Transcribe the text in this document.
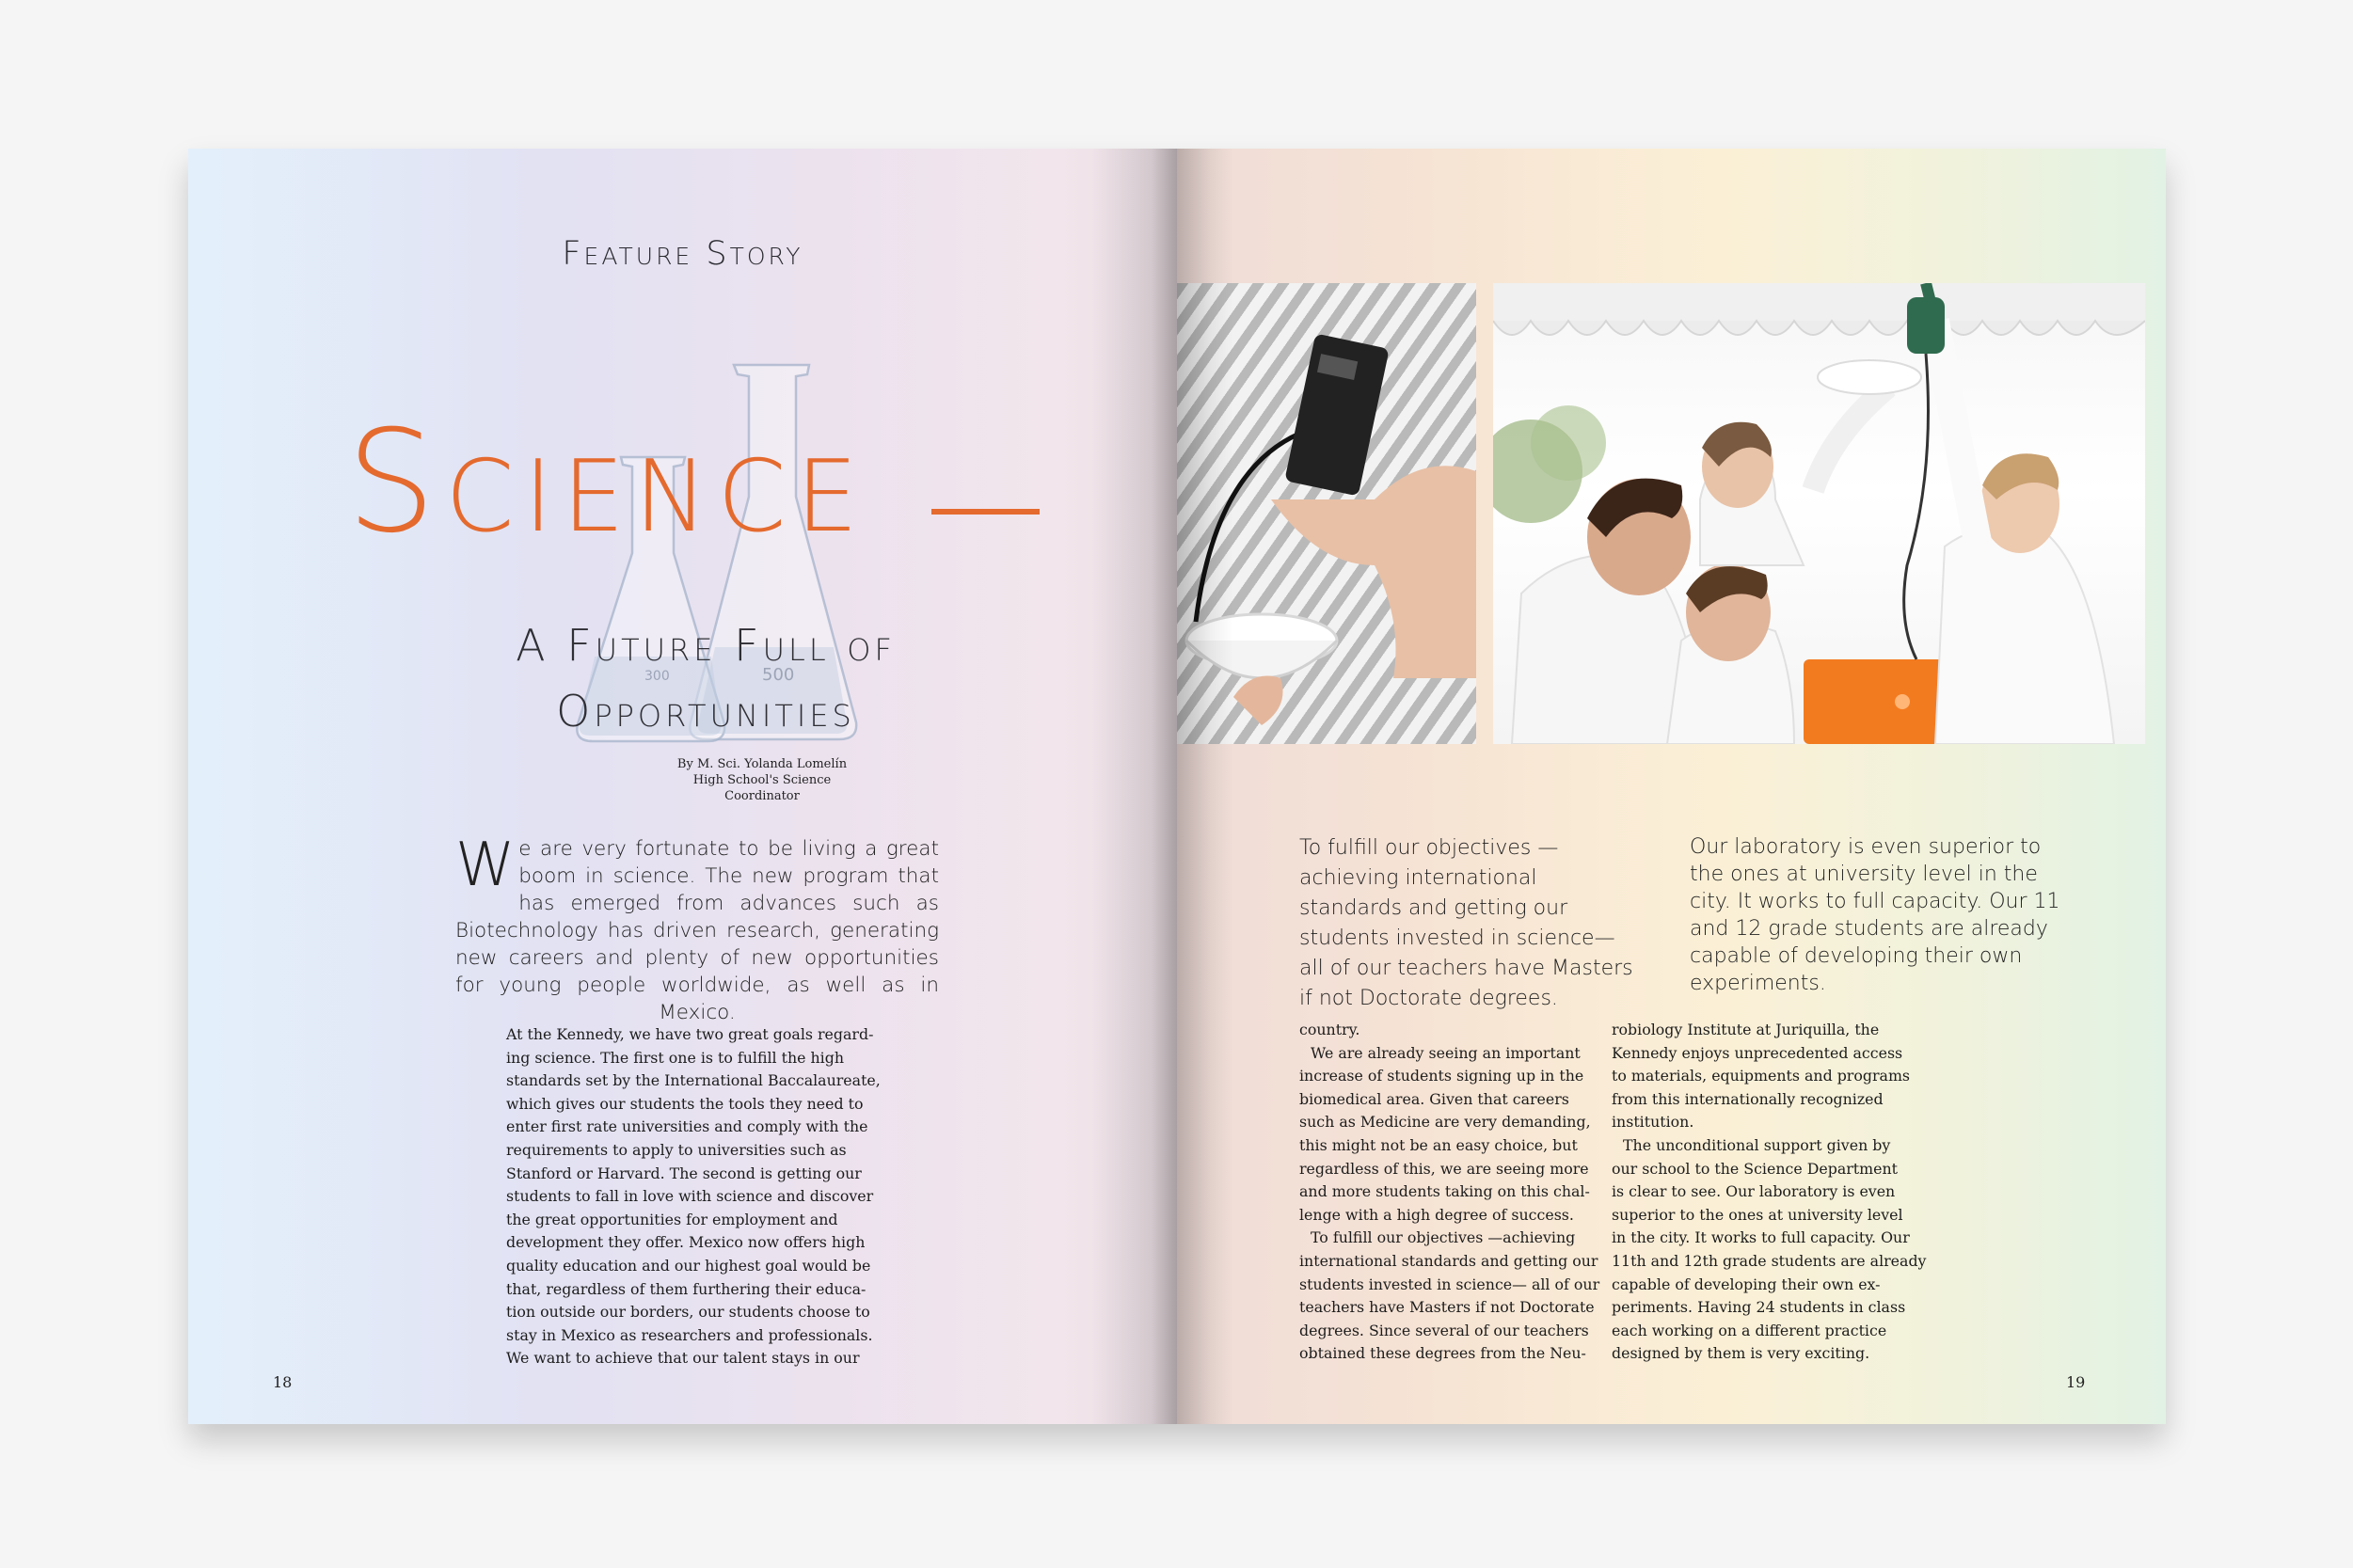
Feature Story
500
300
Science
A Future Full of
Opportunities
By M. Sci. Yolanda Lomelín
High School's Science
Coordinator
We are very fortunate to be living a great boom in science. The new program that has emerged from advances such as Biotechnology has driven research, generating new careers and plenty of new opportunities for young people worldwide, as well as in Mexico.

At the Kennedy, we have two great goals regard-

ing science. The first one is to fulfill the high

standards set by the International Baccalaureate,

which gives our students the tools they need to

enter first rate universities and comply with the

requirements to apply to universities such as

Stanford or Harvard. The second is getting our

students to fall in love with science and discover

the great opportunities for employment and

development they offer. Mexico now offers high

quality education and our highest goal would be

that, regardless of them furthering their educa-

tion outside our borders, our students choose to

stay in Mexico as researchers and professionals.

We want to achieve that our talent stays in our

18
To fulfill our objectives —achieving international standards and getting our students invested in science— all of our teachers have Masters if not Doctorate degrees.
Our laboratory is even superior to the ones at university level in the city. It works to full capacity. Our 11 and 12 grade students are already capable of developing their own experiments.

country.

We are already seeing an important

increase of students signing up in the

biomedical area. Given that careers

such as Medicine are very demanding,

this might not be an easy choice, but

regardless of this, we are seeing more

and more students taking on this chal-

lenge with a high degree of success.

To fulfill our objectives —achieving

international standards and getting our

students invested in science— all of our

teachers have Masters if not Doctorate

degrees. Since several of our teachers

obtained these degrees from the Neu-

robiology Institute at Juriquilla, the

Kennedy enjoys unprecedented access

to materials, equipments and programs

from this internationally recognized

institution.

The unconditional support given by

our school to the Science Department

is clear to see. Our laboratory is even

superior to the ones at university level

in the city. It works to full capacity. Our

11th and 12th grade students are already

capable of developing their own ex-

periments. Having 24 students in class

each working on a different practice

designed by them is very exciting.

19
